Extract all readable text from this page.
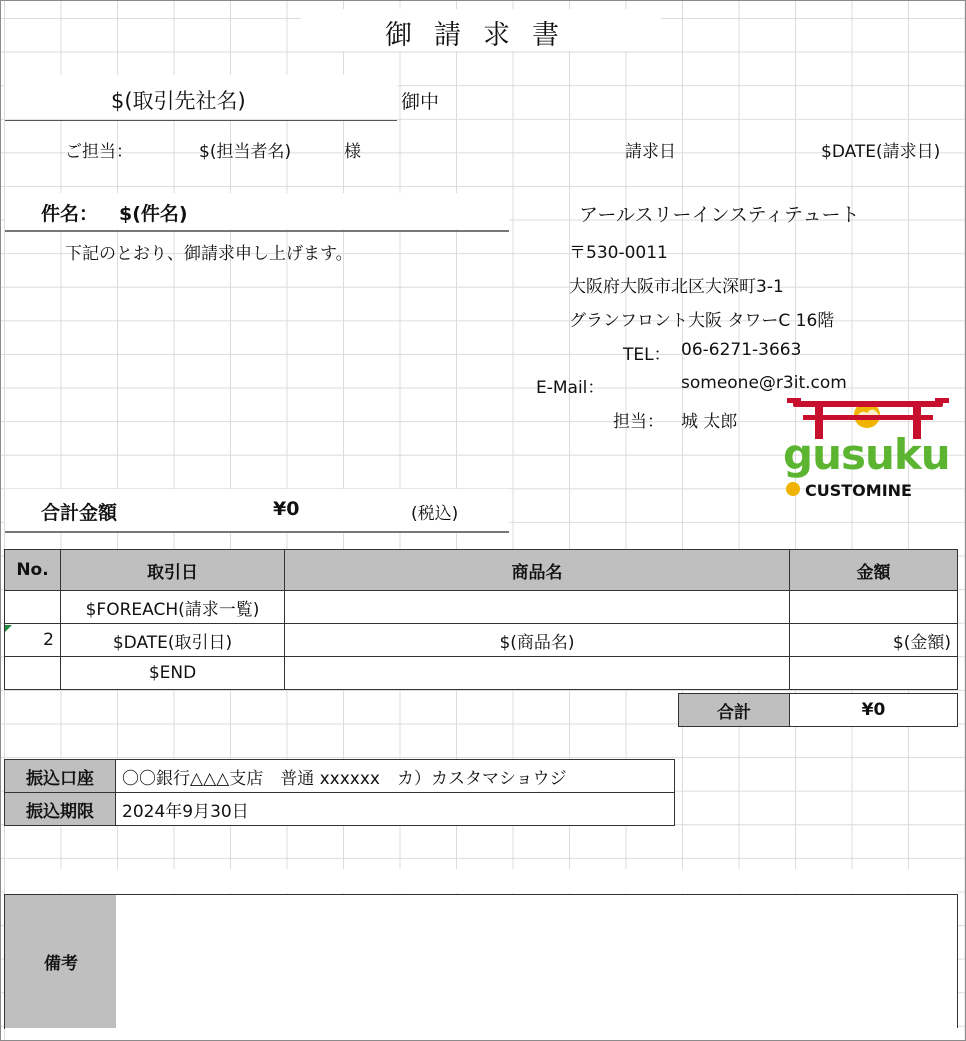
御請求書
$(取引先社名)	御中
ご担当：	$(担当者名)	様	請求日	$DATE(請求日)
件名： $(件名)
下記のとおり、御請求申し上げます。
アールスリーインスティテュート
〒530-0011
大阪府大阪市北区大深町3-1
グランフロント大阪 タワーC 16階
TEL： 06-6271-3663
E-Mail：	someone@r3it.com
担当： 城 太郎
gusuku
CUSTOMINE
合計金額	¥0	(税込)
No.	取引日	商品名	金額
	$FOREACH(請求一覧)		
2	$DATE(取引日)	$(商品名)	$(金額)
	$END		
合計	¥0
振込口座	〇〇銀行△△△支店　普通 xxxxxx　カ）カスタマショウジ
振込期限	2024年9月30日
備考
